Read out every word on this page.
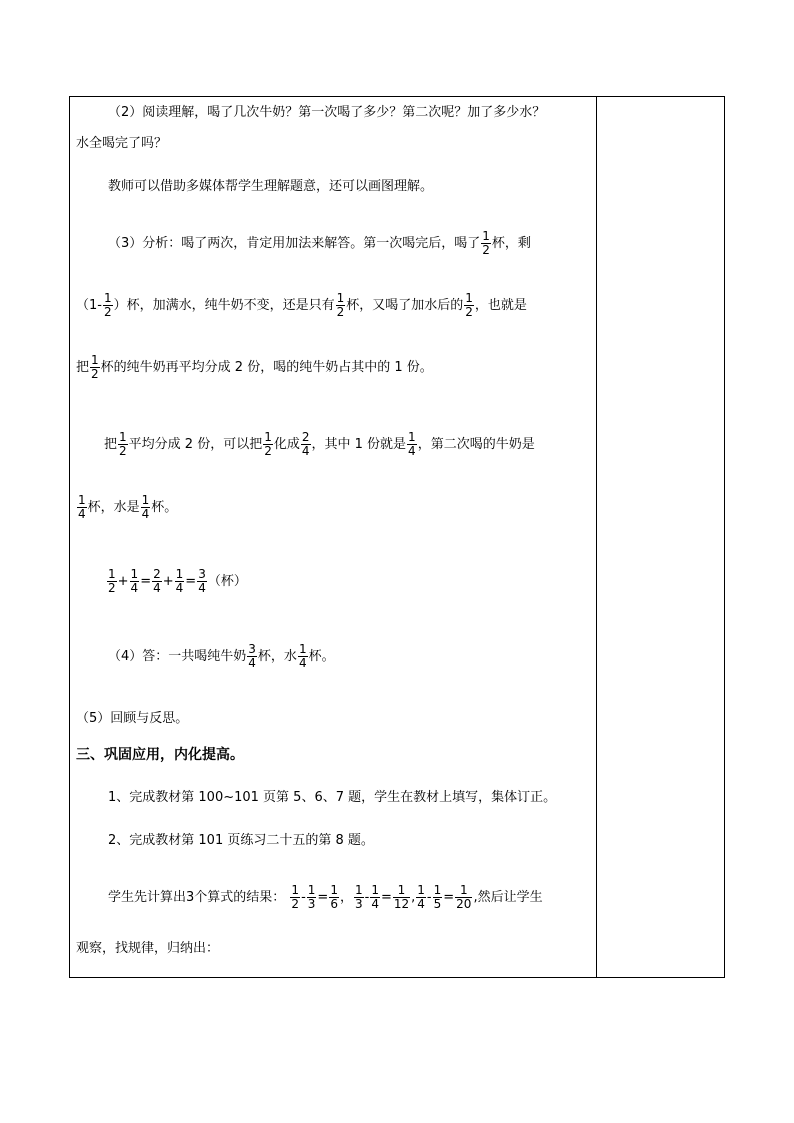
（2）阅读理解，喝了几次牛奶？第一次喝了多少？第二次呢？加了多少水？
水全喝完了吗？
教师可以借助多媒体帮学生理解题意，还可以画图理解。
（3）分析：喝了两次，肯定用加法来解答。第一次喝完后，喝了 $\frac{1}{2}$ 杯，剩
（$1- \frac{1}{2}$ ）杯，加满水，纯牛奶不变，还是只有 $\frac{1}{2}$ 杯，又喝了加水后的 $\frac{1}{2}$ ，也就是
把 $\frac{1}{2}$ 杯的纯牛奶再平均分成 2 份，喝的纯牛奶占其中的 1 份。
把 $\frac{1}{2}$ 平均分成 2 份，可以把 $\frac{1}{2}$ 化成 $\frac{2}{4}$ ，其中 1 份就是 $\frac{1}{4}$ ，第二次喝的牛奶是
$\frac{1}{4}$ 杯，水是 $\frac{1}{4}$ 杯。
$\frac{1}{2} + \frac{1}{4} = \frac{2}{4} + \frac{1}{4} = \frac{3}{4}$ （杯）
（4）答：一共喝纯牛奶 $\frac{3}{4}$ 杯，水 $\frac{1}{4}$ 杯。
（5）回顾与反思。
三、巩固应用，内化提高。
1、完成教材第 100~101 页第 5、6、7 题，学生在教材上填写，集体订正。
2、完成教材第 101 页练习二十五的第 8 题。
学生先计算出3个算式的结果： $\frac{1}{2} - \frac{1}{3} = \frac{1}{6}$ ， $\frac{1}{3} - \frac{1}{4} = \frac{1}{12}$ , $\frac{1}{4} - \frac{1}{5} = \frac{1}{20}$ ,然后让学生
观察，找规律，归纳出：
